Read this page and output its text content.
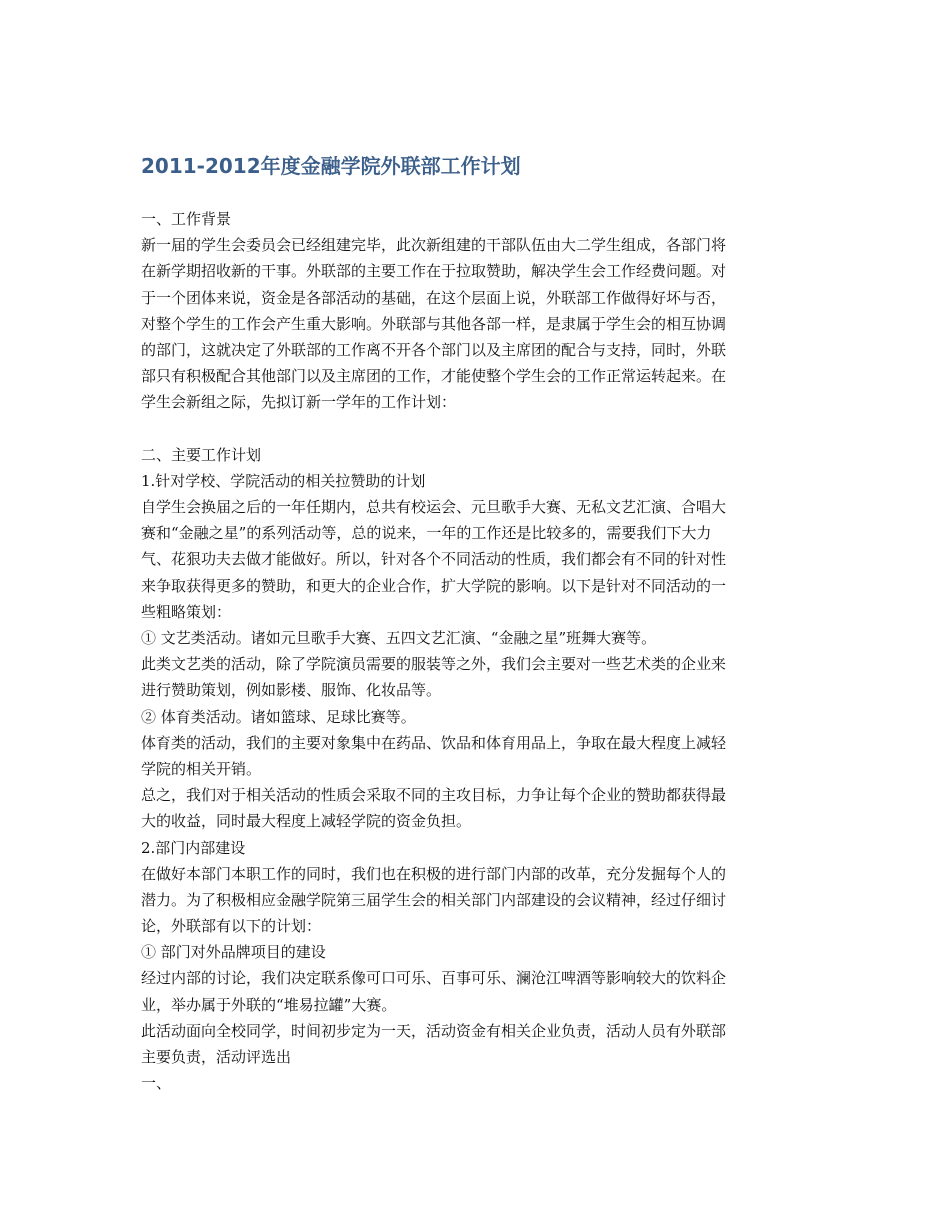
2011-2012年度金融学院外联部工作计划
一、工作背景
新一届的学生会委员会已经组建完毕，此次新组建的干部队伍由大二学生组成，各部门将
在新学期招收新的干事。外联部的主要工作在于拉取赞助，解决学生会工作经费问题。对
于一个团体来说，资金是各部活动的基础，在这个层面上说，外联部工作做得好坏与否，
对整个学生的工作会产生重大影响。外联部与其他各部一样，是隶属于学生会的相互协调
的部门，这就决定了外联部的工作离不开各个部门以及主席团的配合与支持，同时，外联
部只有积极配合其他部门以及主席团的工作，才能使整个学生会的工作正常运转起来。在
学生会新组之际，先拟订新一学年的工作计划：
二、主要工作计划
1.针对学校、学院活动的相关拉赞助的计划
自学生会换届之后的一年任期内，总共有校运会、元旦歌手大赛、无私文艺汇演、合唱大
赛和“金融之星”的系列活动等，总的说来，一年的工作还是比较多的，需要我们下大力
气、花狠功夫去做才能做好。所以，针对各个不同活动的性质，我们都会有不同的针对性
来争取获得更多的赞助，和更大的企业合作，扩大学院的影响。以下是针对不同活动的一
些粗略策划：
① 文艺类活动。诸如元旦歌手大赛、五四文艺汇演、“金融之星”班舞大赛等。
此类文艺类的活动，除了学院演员需要的服装等之外，我们会主要对一些艺术类的企业来
进行赞助策划，例如影楼、服饰、化妆品等。
② 体育类活动。诸如篮球、足球比赛等。
体育类的活动，我们的主要对象集中在药品、饮品和体育用品上，争取在最大程度上减轻
学院的相关开销。
总之，我们对于相关活动的性质会采取不同的主攻目标，力争让每个企业的赞助都获得最
大的收益，同时最大程度上减轻学院的资金负担。
2.部门内部建设
在做好本部门本职工作的同时，我们也在积极的进行部门内部的改革，充分发掘每个人的
潜力。为了积极相应金融学院第三届学生会的相关部门内部建设的会议精神，经过仔细讨
论，外联部有以下的计划：
① 部门对外品牌项目的建设
经过内部的讨论，我们决定联系像可口可乐、百事可乐、澜沧江啤酒等影响较大的饮料企
业，举办属于外联的“堆易拉罐”大赛。
此活动面向全校同学，时间初步定为一天，活动资金有相关企业负责，活动人员有外联部
主要负责，活动评选出
一、
